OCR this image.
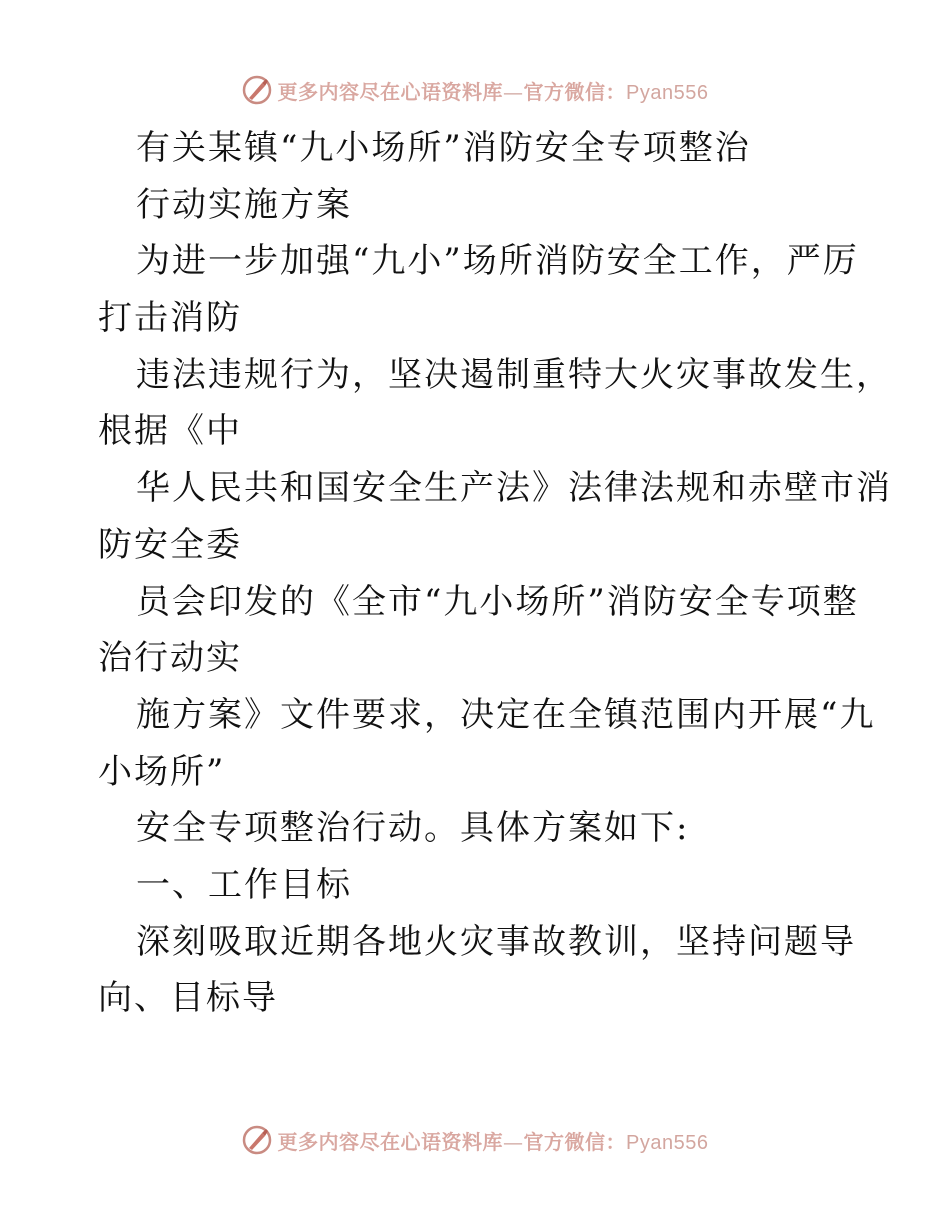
更多内容尽在心语资料库—官方微信：Pyan556
有关某镇“九小场所”消防安全专项整治
行动实施方案
为进一步加强“九小”场所消防安全工作，严厉
打击消防
违法违规行为，坚决遏制重特大火灾事故发生，
根据《中
华人民共和国安全生产法》法律法规和赤壁市消
防安全委
员会印发的《全市“九小场所”消防安全专项整
治行动实
施方案》文件要求，决定在全镇范围内开展“九
小场所”
安全专项整治行动。具体方案如下:
一、工作目标
深刻吸取近期各地火灾事故教训，坚持问题导
向、目标导
更多内容尽在心语资料库—官方微信：Pyan556
